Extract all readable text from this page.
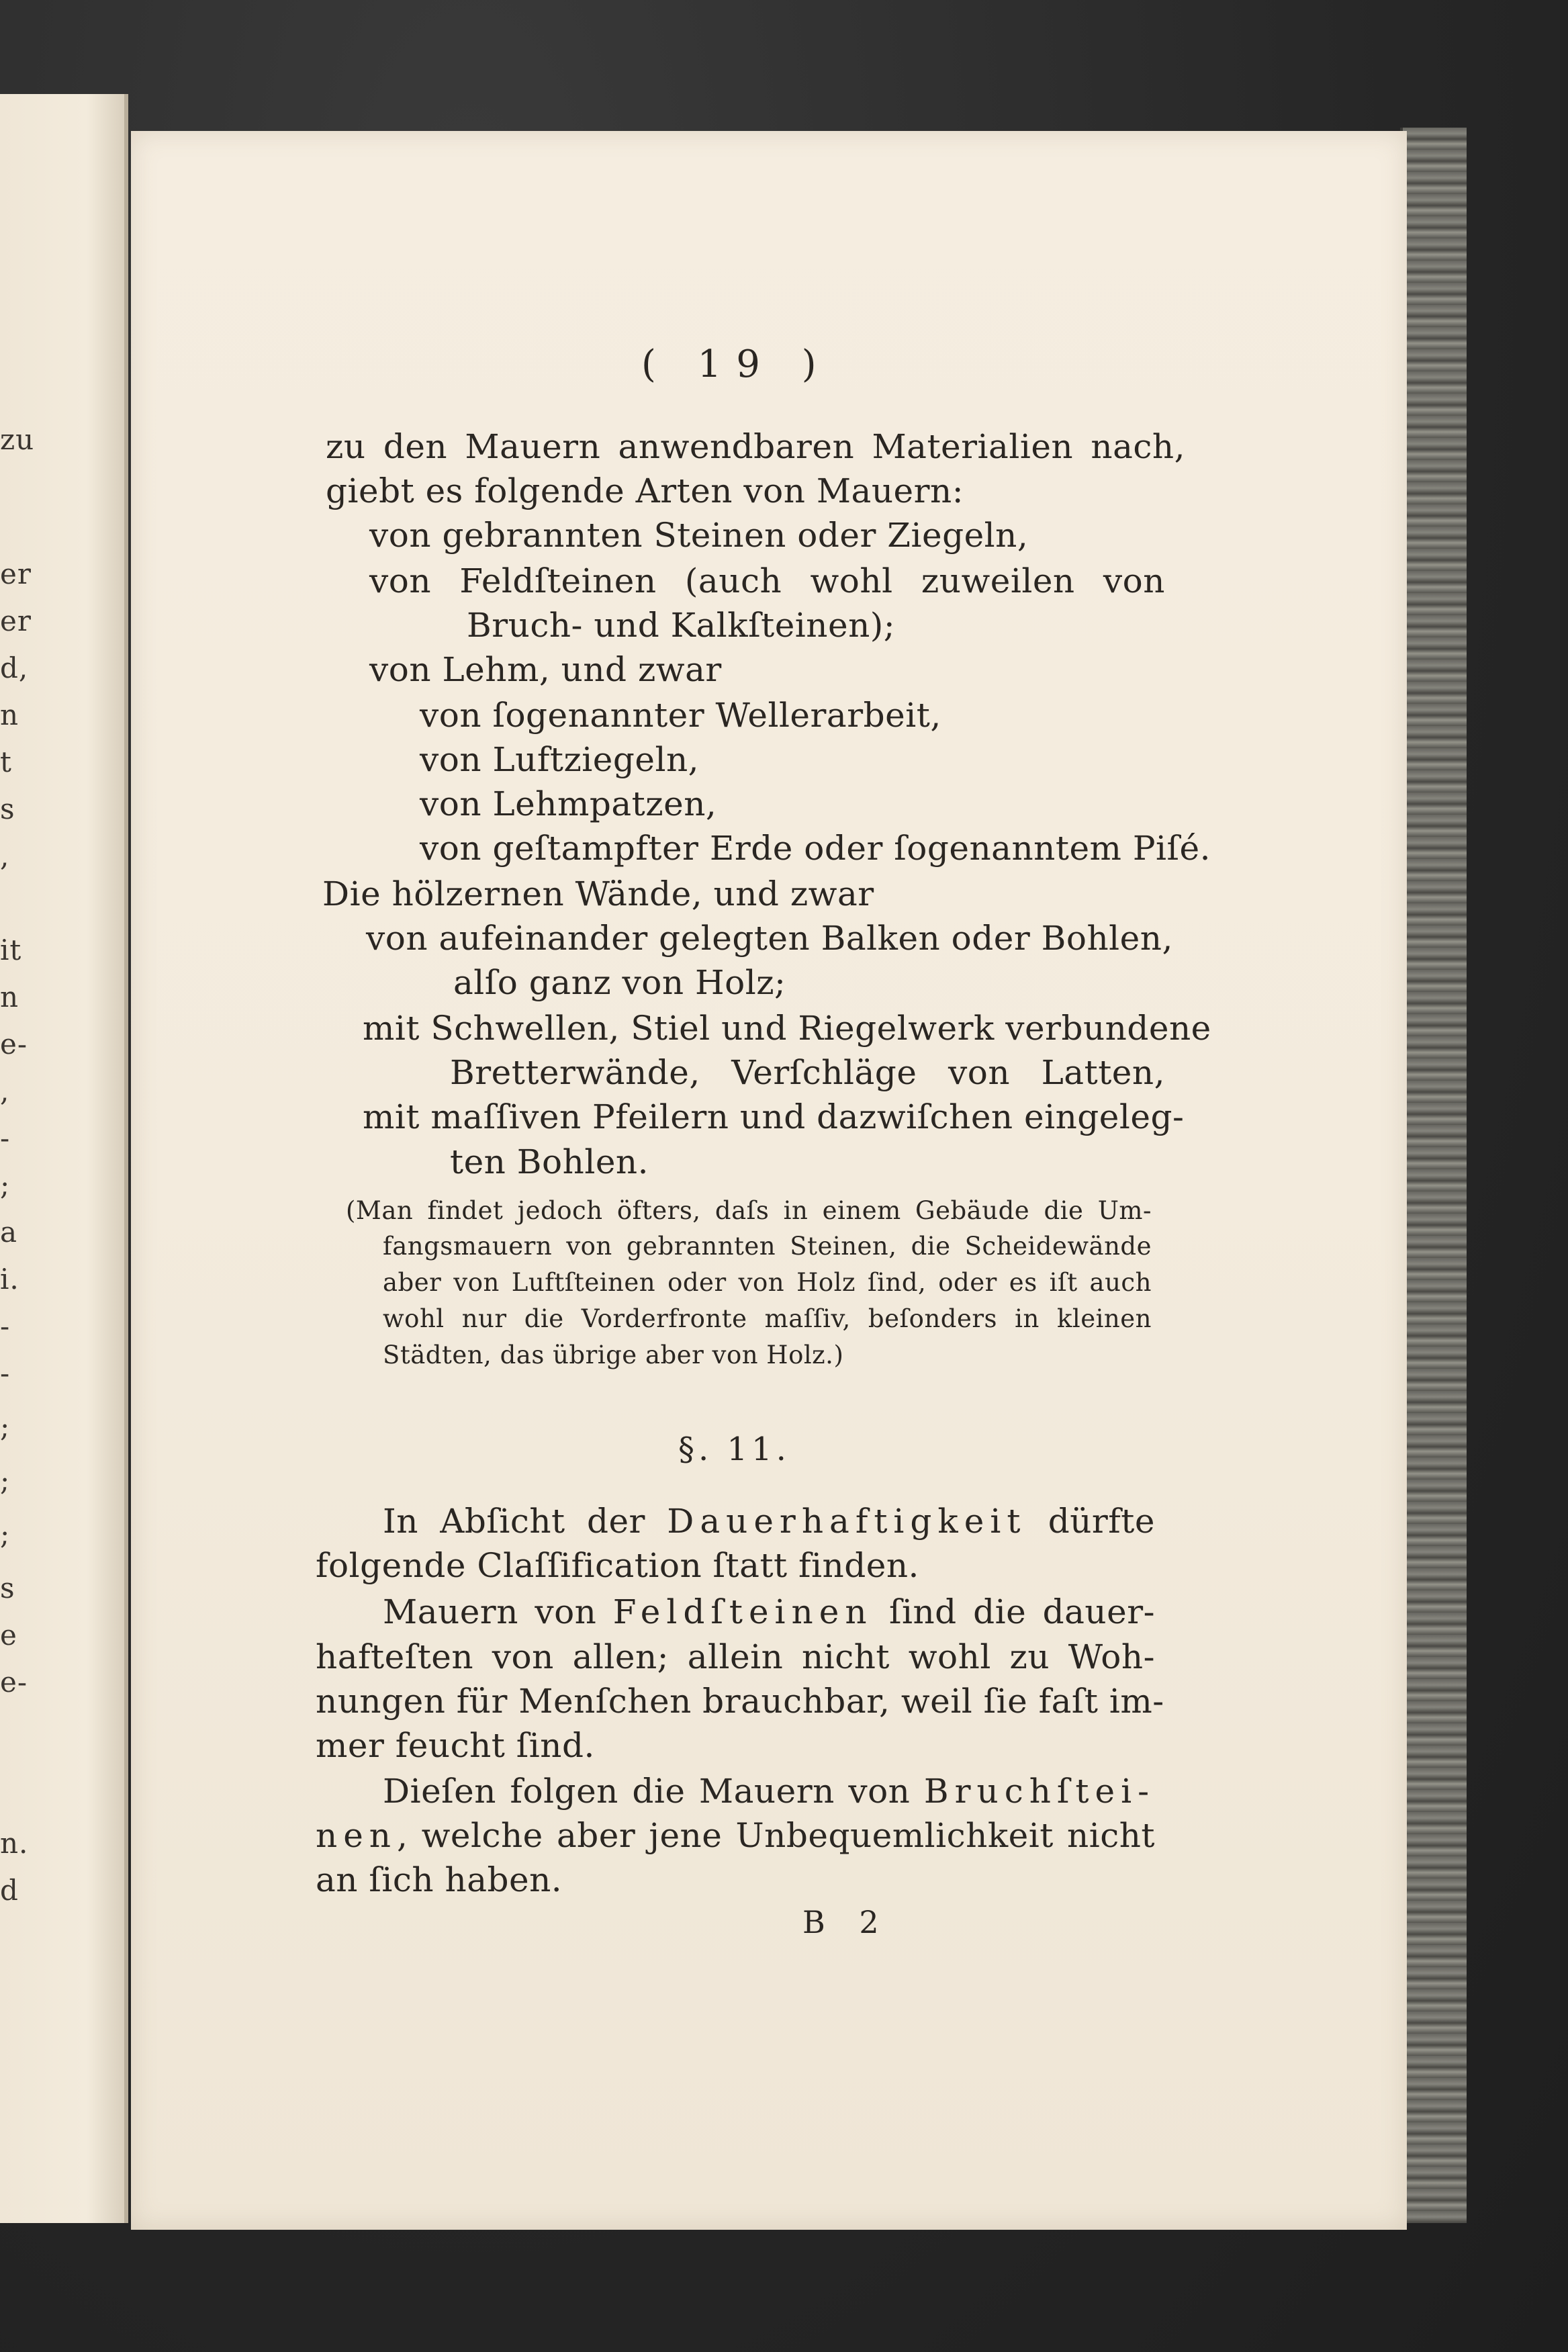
zu
er
er
d,
n
t
s
,
it
n
e-
,
-
;
a
i.
-
-
;
;
;
s
e
e-
n.
d
( 19 )
zu den Mauern anwendbaren Materialien nach,
giebt es folgende Arten von Mauern:
von gebrannten Steinen oder Ziegeln,
von Feldſteinen (auch wohl zuweilen von
Bruch- und Kalkſteinen);
von Lehm, und zwar
von ſogenannter Wellerarbeit,
von Luftziegeln,
von Lehmpatzen,
von geſtampfter Erde oder ſogenanntem Piſé.
Die hölzernen Wände, und zwar
von aufeinander gelegten Balken oder Bohlen,
alſo ganz von Holz;
mit Schwellen, Stiel und Riegelwerk verbundene
Bretterwände, Verſchläge von Latten,
mit maſſiven Pfeilern und dazwiſchen eingeleg-
ten Bohlen.
(Man findet jedoch öfters, daſs in einem Gebäude die Um-
fangsmauern von gebrannten Steinen, die Scheidewände
aber von Luftſteinen oder von Holz ſind, oder es iſt auch
wohl nur die Vorderfronte maſſiv, beſonders in kleinen
Städten, das übrige aber von Holz.)
§. 11.
In Abſicht der Dauerhaftigkeit dürfte
folgende Claſſification ſtatt finden.
Mauern von Feldſteinen ſind die dauer-
hafteſten von allen; allein nicht wohl zu Woh-
nungen für Menſchen brauchbar, weil ſie faſt im-
mer feucht ſind.
Dieſen folgen die Mauern von Bruchſtei-
nen, welche aber jene Unbequemlichkeit nicht
an ſich haben.
B 2
